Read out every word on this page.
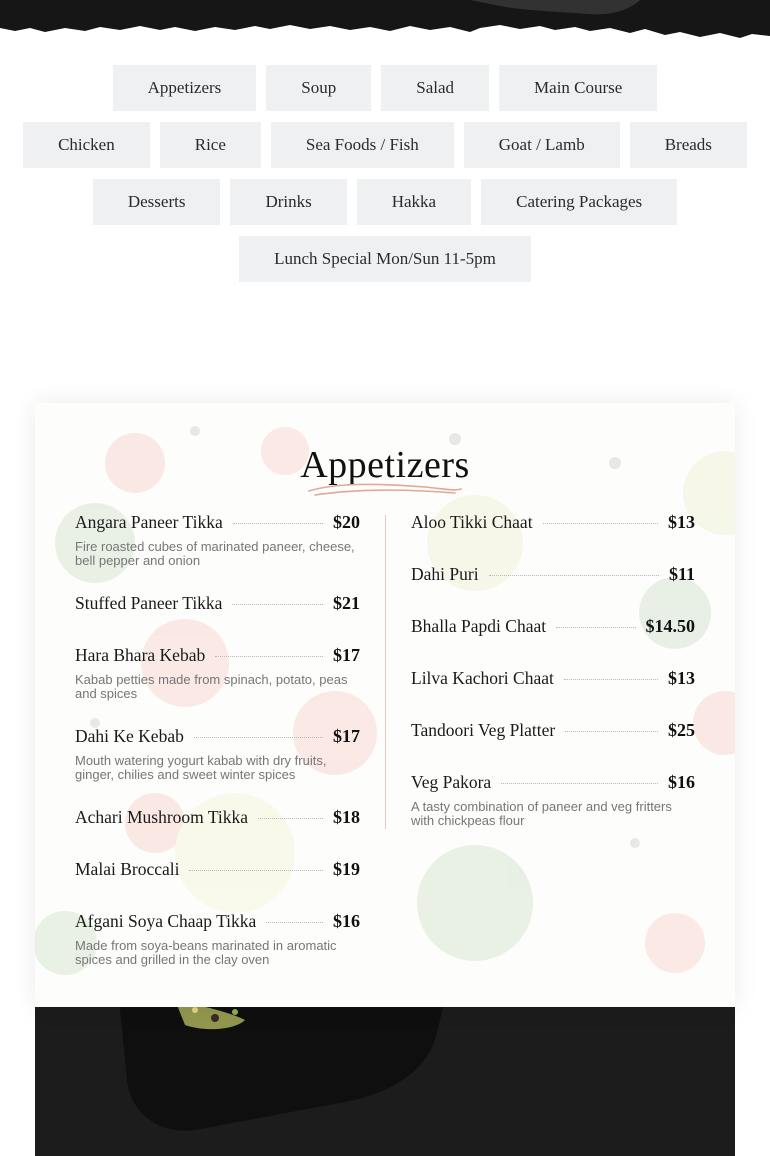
Appetizers	Soup	Salad	Main Course
Chicken	Rice	Sea Foods / Fish	Goat / Lamb	Breads
Desserts	Drinks	Hakka	Catering Packages
Lunch Special Mon/Sun 11-5pm
Appetizers
Angara Paneer Tikka	$20
Fire roasted cubes of marinated paneer, cheese, bell pepper and onion
Stuffed Paneer Tikka	$21
Hara Bhara Kebab	$17
Kabab petties made from spinach, potato, peas and spices
Dahi Ke Kebab	$17
Mouth watering yogurt kabab with dry fruits, ginger, chilies and sweet winter spices
Achari Mushroom Tikka	$18
Malai Broccali	$19
Afgani Soya Chaap Tikka	$16
Made from soya-beans marinated in aromatic spices and grilled in the clay oven
Aloo Tikki Chaat	$13
Dahi Puri	$11
Bhalla Papdi Chaat	$14.50
Lilva Kachori Chaat	$13
Tandoori Veg Platter	$25
Veg Pakora	$16
A tasty combination of paneer and veg fritters with chickpeas flour
